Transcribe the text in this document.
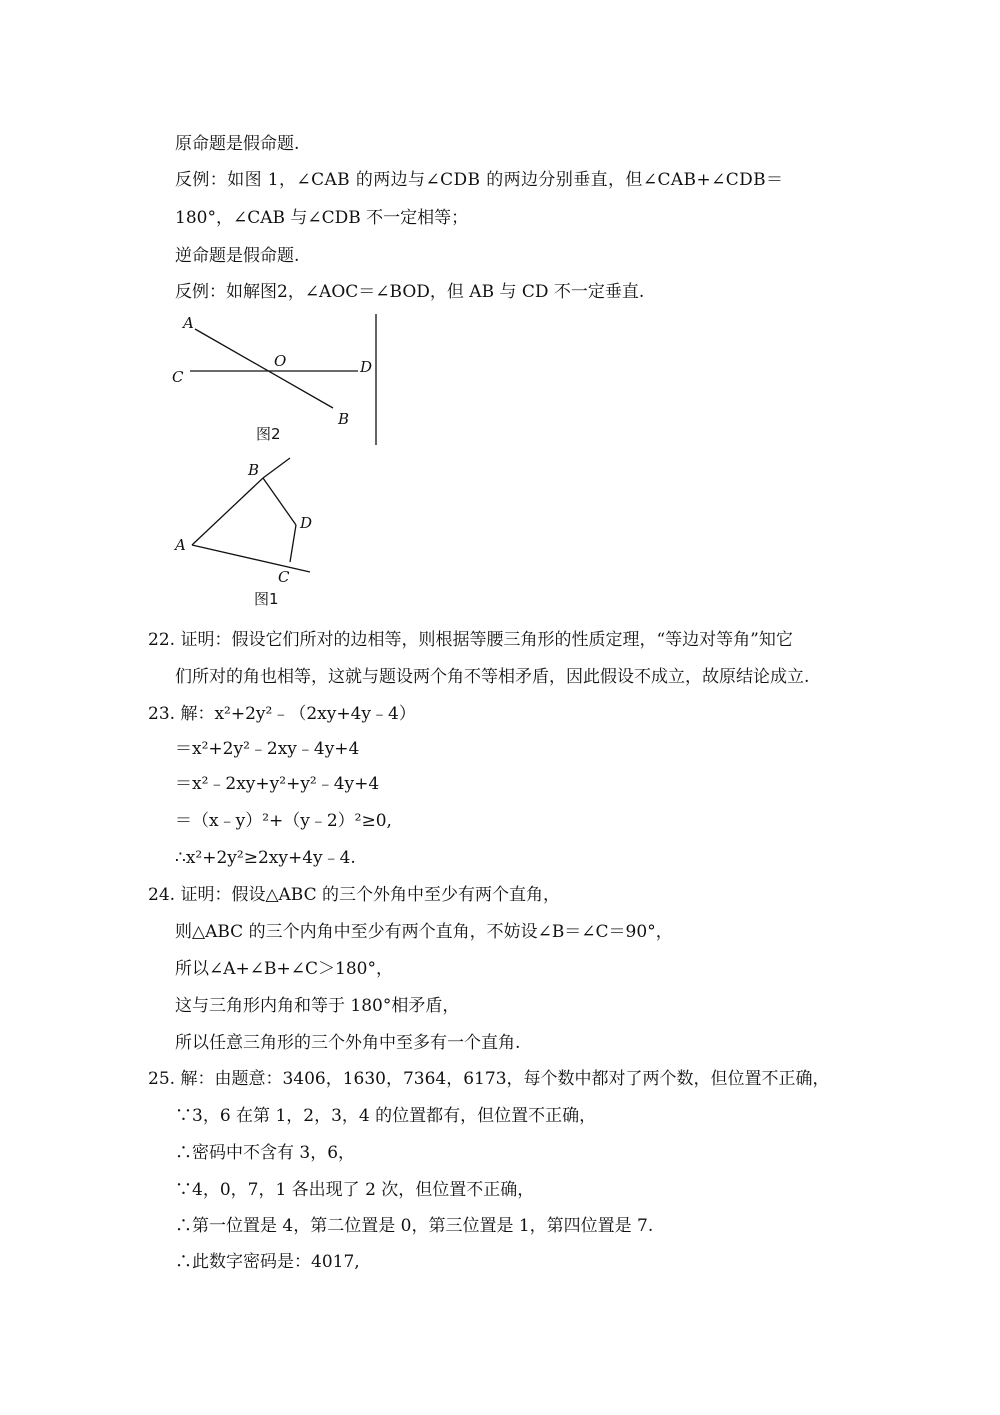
原命题是假命题.
反例：如图 1，∠CAB 的两边与∠CDB 的两边分别垂直，但∠CAB+∠CDB＝
180°，∠CAB 与∠CDB 不一定相等；
逆命题是假命题.
反例：如解图2，∠AOC＝∠BOD，但 AB 与 CD 不一定垂直.
A
C
O	D
B
图2
B
D
A
C
图1
22. 证明：假设它们所对的边相等，则根据等腰三角形的性质定理，“等边对等角”知它
们所对的角也相等，这就与题设两个角不等相矛盾，因此假设不成立，故原结论成立.
23. 解：x²+2y²﹣（2xy+4y﹣4）
＝x²+2y²﹣2xy﹣4y+4
＝x²﹣2xy+y²+y²﹣4y+4
＝（x﹣y）²+（y﹣2）²≥0,
∴x²+2y²≥2xy+4y﹣4.
24. 证明：假设△ABC 的三个外角中至少有两个直角，
则△ABC 的三个内角中至少有两个直角，不妨设∠B＝∠C＝90°，
所以∠A+∠B+∠C＞180°，
这与三角形内角和等于 180°相矛盾，
所以任意三角形的三个外角中至多有一个直角.
25. 解：由题意：3406，1630，7364，6173，每个数中都对了两个数，但位置不正确，
∵3，6 在第 1，2，3，4 的位置都有，但位置不正确，
∴密码中不含有 3，6，
∵4，0，7，1 各出现了 2 次，但位置不正确，
∴第一位置是 4，第二位置是 0，第三位置是 1，第四位置是 7.
∴此数字密码是：4017,
